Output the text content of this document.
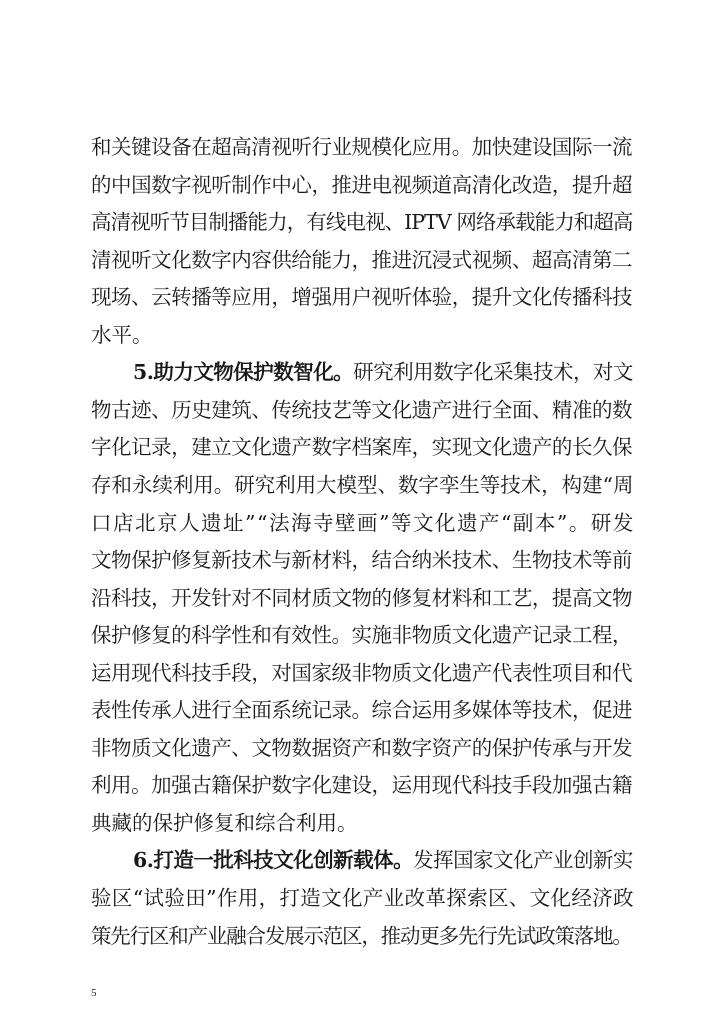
和关键设备在超高清视听行业规模化应用。加快建设国际一流
的中国数字视听制作中心，推进电视频道高清化改造，提升超
高清视听节目制播能力，有线电视、IPTV 网络承载能力和超高
清视听文化数字内容供给能力，推进沉浸式视频、超高清第二
现场、云转播等应用，增强用户视听体验，提升文化传播科技
水平。
5.助力文物保护数智化。研究利用数字化采集技术，对文
物古迹、历史建筑、传统技艺等文化遗产进行全面、精准的数
字化记录，建立文化遗产数字档案库，实现文化遗产的长久保
存和永续利用。研究利用大模型、数字孪生等技术，构建“周
口店北京人遗址”“法海寺壁画”等文化遗产“副本”。研发
文物保护修复新技术与新材料，结合纳米技术、生物技术等前
沿科技，开发针对不同材质文物的修复材料和工艺，提高文物
保护修复的科学性和有效性。实施非物质文化遗产记录工程，
运用现代科技手段，对国家级非物质文化遗产代表性项目和代
表性传承人进行全面系统记录。综合运用多媒体等技术，促进
非物质文化遗产、文物数据资产和数字资产的保护传承与开发
利用。加强古籍保护数字化建设，运用现代科技手段加强古籍
典藏的保护修复和综合利用。
6.打造一批科技文化创新载体。发挥国家文化产业创新实
验区“试验田”作用，打造文化产业改革探索区、文化经济政
策先行区和产业融合发展示范区，推动更多先行先试政策落地。
5
